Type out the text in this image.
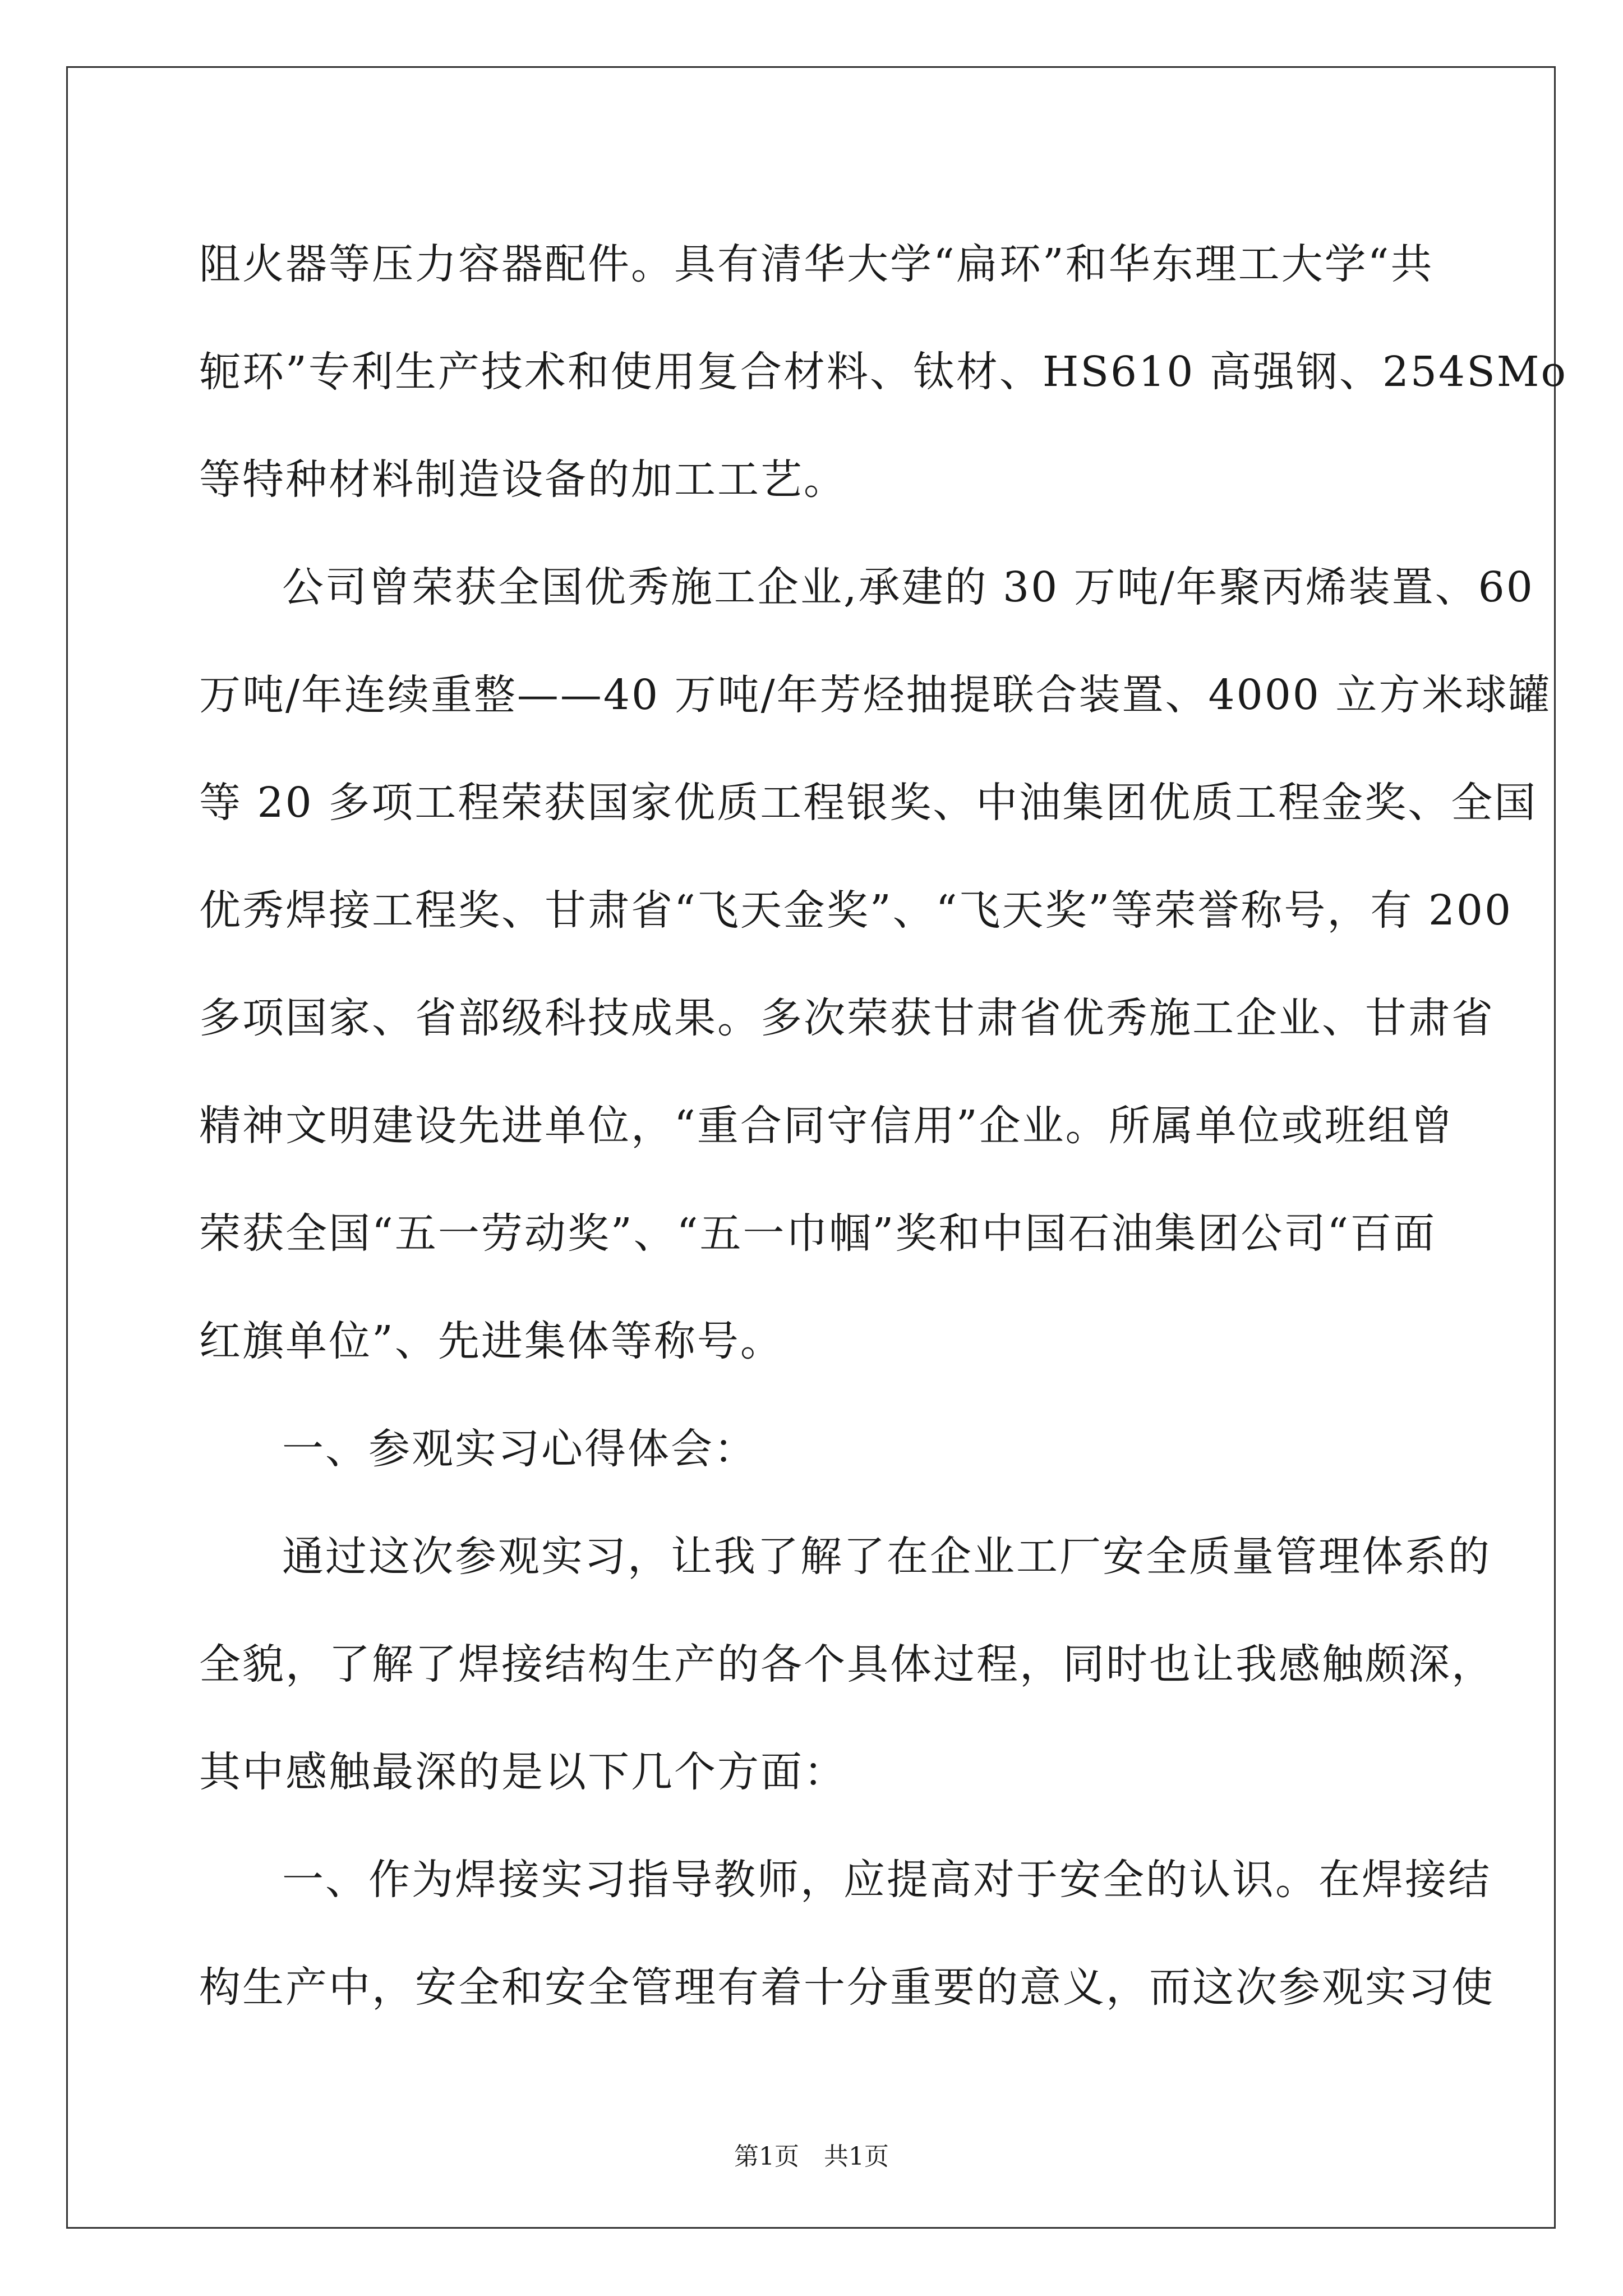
阻火器等压力容器配件。具有清华大学“扁环”和华东理工大学“共
轭环”专利生产技术和使用复合材料、钛材、HS610 高强钢、254SMo
等特种材料制造设备的加工工艺。

公司曾荣获全国优秀施工企业,承建的 30 万吨/年聚丙烯装置、60
万吨/年连续重整——40 万吨/年芳烃抽提联合装置、4000 立方米球罐
等 20 多项工程荣获国家优质工程银奖、中油集团优质工程金奖、全国
优秀焊接工程奖、甘肃省“飞天金奖”、“飞天奖”等荣誉称号，有 200
多项国家、省部级科技成果。多次荣获甘肃省优秀施工企业、甘肃省
精神文明建设先进单位，“重合同守信用”企业。所属单位或班组曾
荣获全国“五一劳动奖”、“五一巾帼”奖和中国石油集团公司“百面
红旗单位”、先进集体等称号。

一、参观实习心得体会：

通过这次参观实习，让我了解了在企业工厂安全质量管理体系的
全貌，了解了焊接结构生产的各个具体过程，同时也让我感触颇深，
其中感触最深的是以下几个方面：

一、作为焊接实习指导教师，应提高对于安全的认识。在焊接结
构生产中，安全和安全管理有着十分重要的意义，而这次参观实习使

第1页　共1页
